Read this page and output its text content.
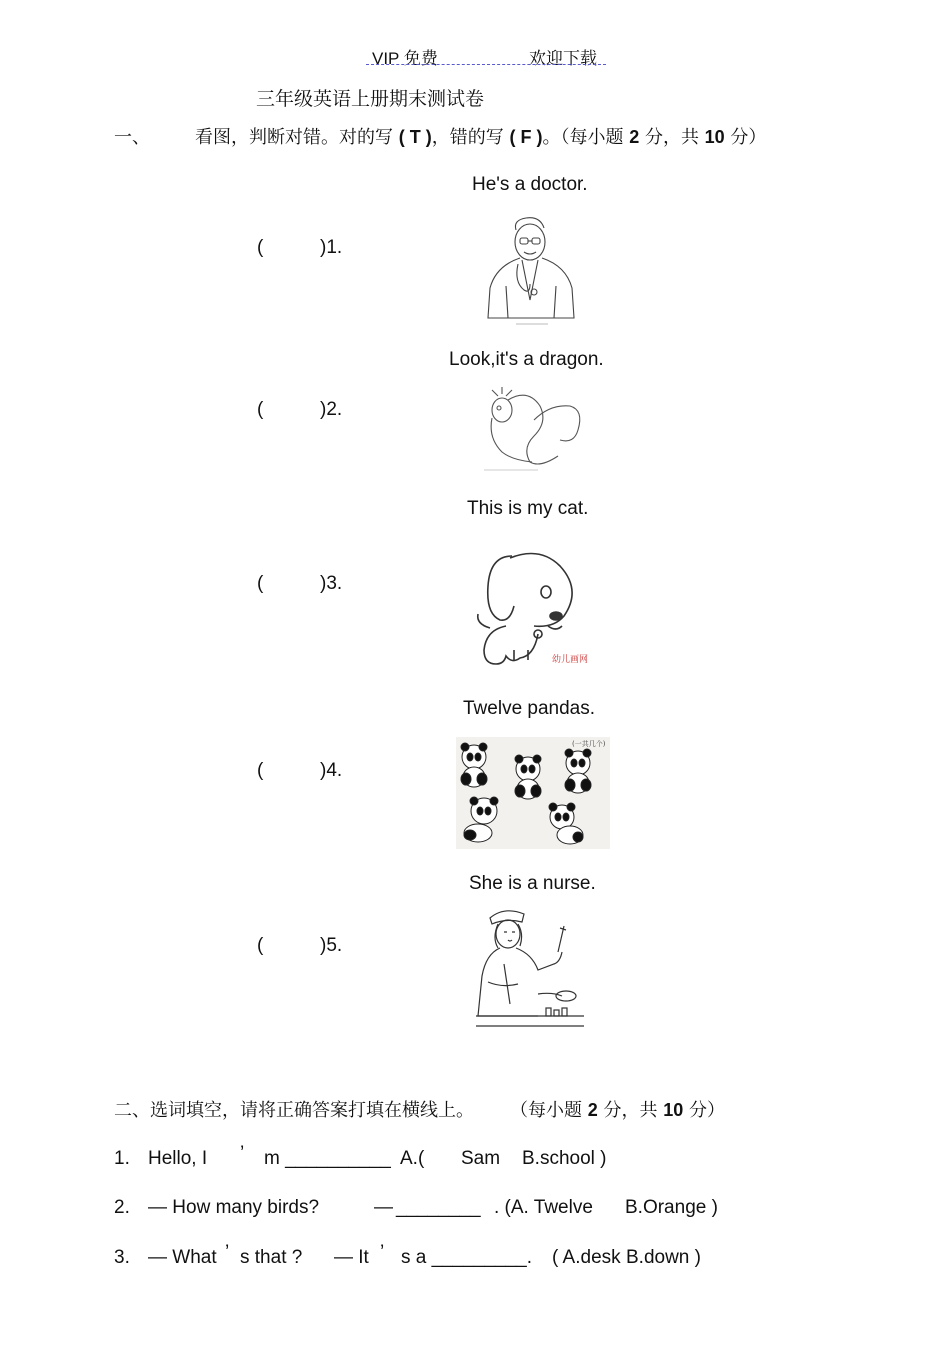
VIP 免费	欢迎下载
三年级英语上册期末测试卷
一、	看图，判断对错。对的写 ( T )，错的写 ( F )。（每小题 2 分，共 10 分）
He's a doctor.
(	)1.
Look,it's a dragon.
(	)2.
This is my cat.
(	)3.
幼儿画网
Twelve pandas.
(	)4.
(一共几个)
She is a nurse.
(	)5.
二、选词填空，请将正确答案打填在横线上。 （每小题 2 分，共 10 分）
1. Hello, I ’ m __________ A.( Sam B.school )
2. — How many birds?	— ________ . (A. Twelve B.Orange )
3. — What ’ s that ? — It ’ s a _________. ( A.desk B.down )
